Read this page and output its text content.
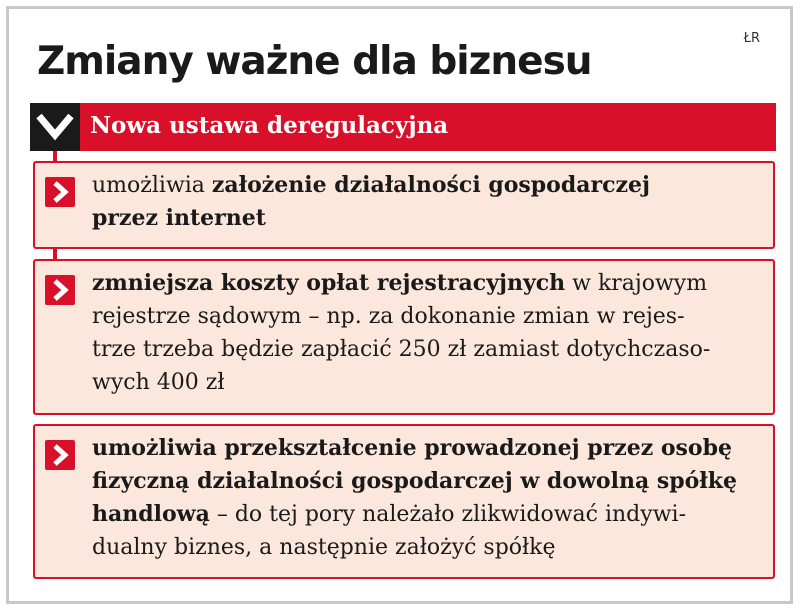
ŁR
Zmiany ważne dla biznesu
Nowa ustawa deregulacyjna

umożliwia założenie działalności gospodarczej
przez internet

zmniejsza koszty opłat rejestracyjnych w krajowym
rejestrze sądowym – np. za dokonanie zmian w rejes-
trze trzeba będzie zapłacić 250 zł zamiast dotychczaso-
wych 400 zł

umożliwia przekształcenie prowadzonej przez osobę
fizyczną działalności gospodarczej w dowolną spółkę
handlową – do tej pory należało zlikwidować indywi-
dualny biznes, a następnie założyć spółkę
